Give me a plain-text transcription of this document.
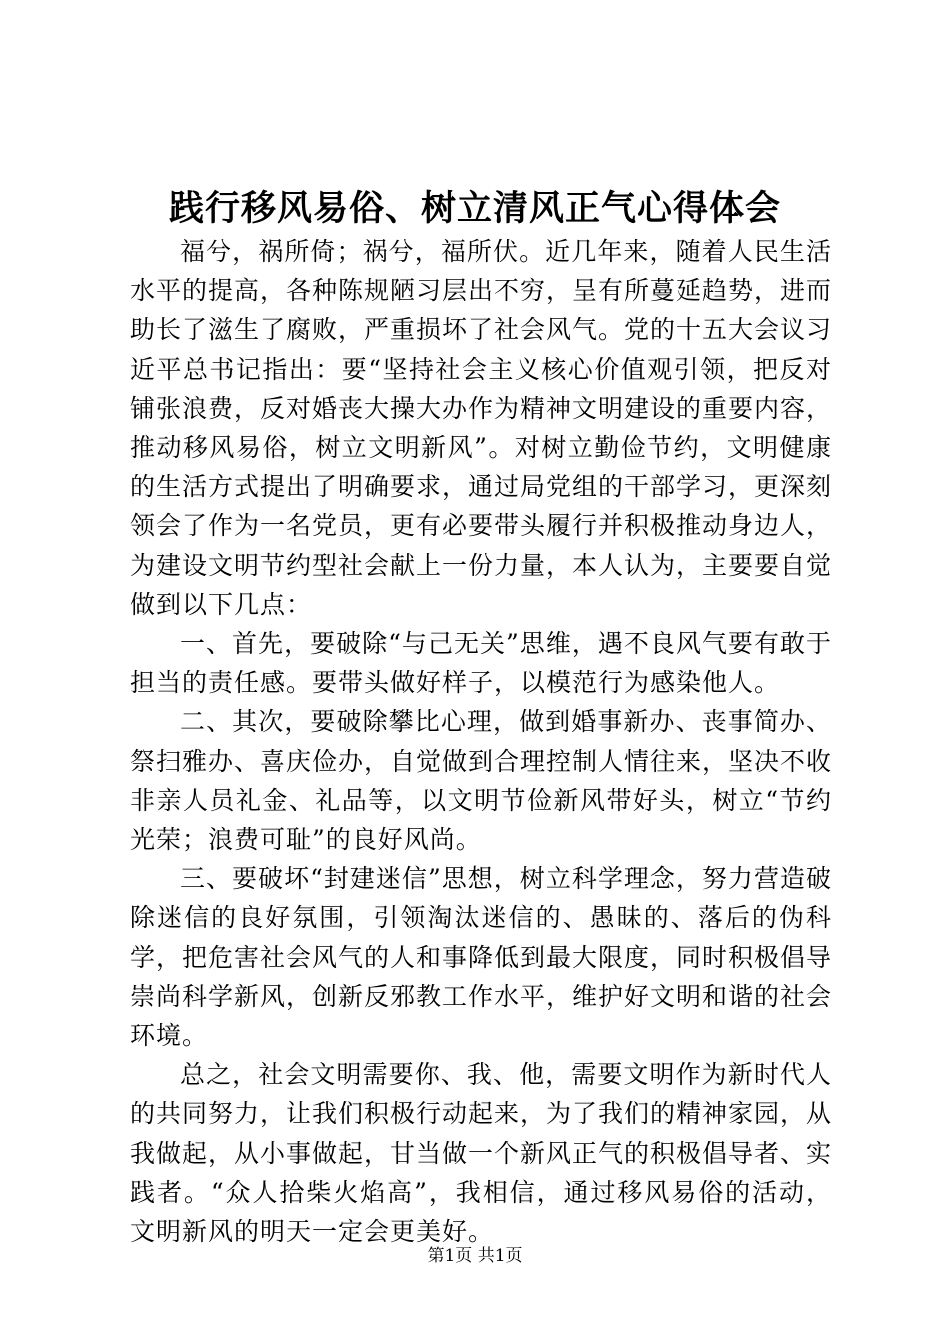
践行移风易俗、树立清风正气心得体会

福兮，祸所倚；祸兮，福所伏。近几年来，随着人民生活水平的提高，各种陈规陋习层出不穷，呈有所蔓延趋势，进而助长了滋生了腐败，严重损坏了社会风气。党的十五大会议习近平总书记指出：要“坚持社会主义核心价值观引领，把反对铺张浪费，反对婚丧大操大办作为精神文明建设的重要内容，推动移风易俗，树立文明新风”。对树立勤俭节约，文明健康的生活方式提出了明确要求，通过局党组的干部学习，更深刻领会了作为一名党员，更有必要带头履行并积极推动身边人，为建设文明节约型社会献上一份力量，本人认为，主要要自觉做到以下几点：

一、首先，要破除“与己无关”思维，遇不良风气要有敢于担当的责任感。要带头做好样子，以模范行为感染他人。

二、其次，要破除攀比心理，做到婚事新办、丧事简办、祭扫雅办、喜庆俭办，自觉做到合理控制人情往来，坚决不收非亲人员礼金、礼品等，以文明节俭新风带好头，树立“节约光荣；浪费可耻”的良好风尚。

三、要破坏“封建迷信”思想，树立科学理念，努力营造破除迷信的良好氛围，引领淘汰迷信的、愚昧的、落后的伪科学，把危害社会风气的人和事降低到最大限度，同时积极倡导崇尚科学新风，创新反邪教工作水平，维护好文明和谐的社会环境。

总之，社会文明需要你、我、他，需要文明作为新时代人的共同努力，让我们积极行动起来，为了我们的精神家园，从我做起，从小事做起，甘当做一个新风正气的积极倡导者、实践者。“众人拾柴火焰高”，我相信，通过移风易俗的活动，文明新风的明天一定会更美好。

第1页 共1页
